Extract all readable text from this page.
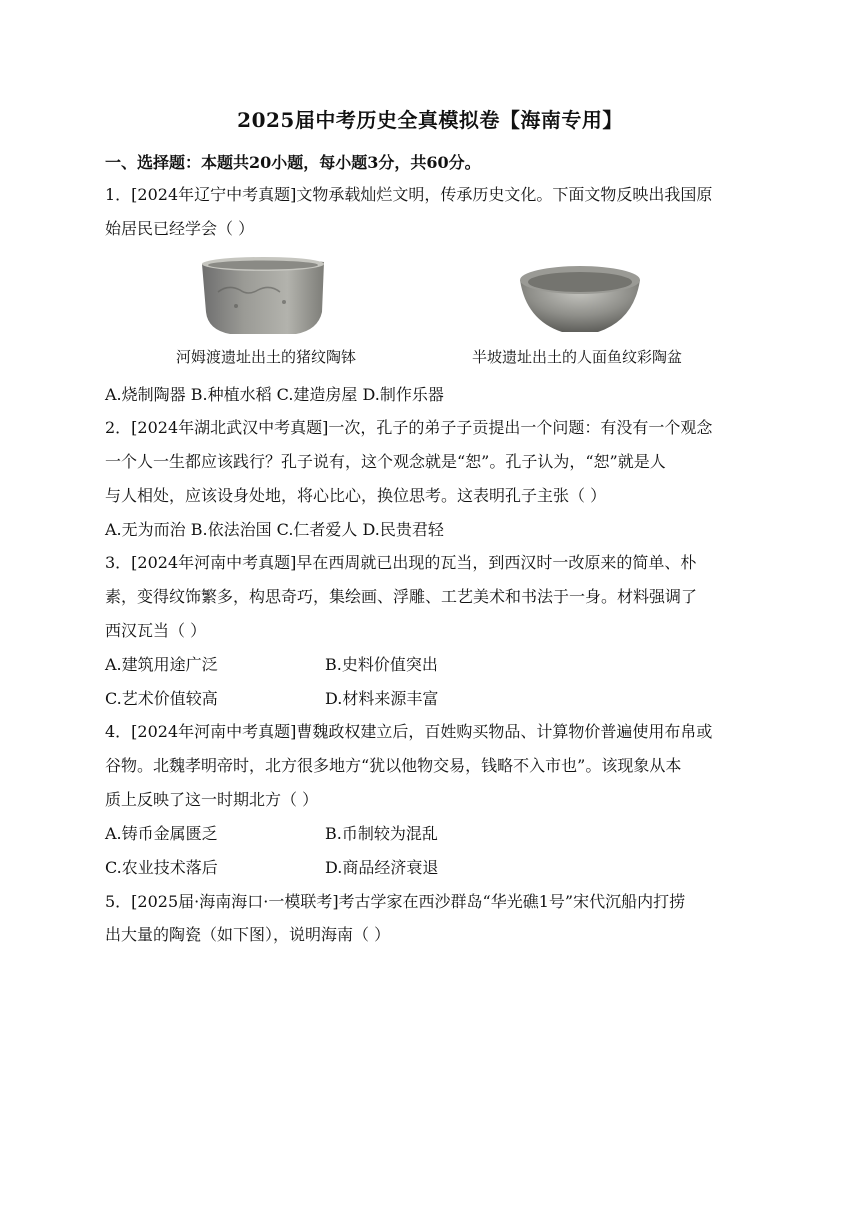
2025届中考历史全真模拟卷【海南专用】
一、选择题：本题共20小题，每小题3分，共60分。
1．[2024年辽宁中考真题]文物承载灿烂文明，传承历史文化。下面文物反映出我国原
始居民已经学会（ ）
河姆渡遗址出土的猪纹陶钵	半坡遗址出土的人面鱼纹彩陶盆
A.烧制陶器 B.种植水稻 C.建造房屋 D.制作乐器
2．[2024年湖北武汉中考真题]一次，孔子的弟子子贡提出一个问题：有没有一个观念
一个人一生都应该践行？孔子说有，这个观念就是“恕”。孔子认为，“恕”就是人
与人相处，应该设身处地，将心比心，换位思考。这表明孔子主张（ ）
A.无为而治 B.依法治国 C.仁者爱人 D.民贵君轻
3．[2024年河南中考真题]早在西周就已出现的瓦当，到西汉时一改原来的简单、朴
素，变得纹饰繁多，构思奇巧，集绘画、浮雕、工艺美术和书法于一身。材料强调了
西汉瓦当（ ）
A.建筑用途广泛	B.史料价值突出
C.艺术价值较高	D.材料来源丰富
4．[2024年河南中考真题]曹魏政权建立后，百姓购买物品、计算物价普遍使用布帛或
谷物。北魏孝明帝时，北方很多地方“犹以他物交易，钱略不入市也”。该现象从本
质上反映了这一时期北方（ ）
A.铸币金属匮乏	B.币制较为混乱
C.农业技术落后	D.商品经济衰退
5．[2025届·海南海口·一模联考]考古学家在西沙群岛“华光礁1号”宋代沉船内打捞
出大量的陶瓷（如下图），说明海南（ ）
